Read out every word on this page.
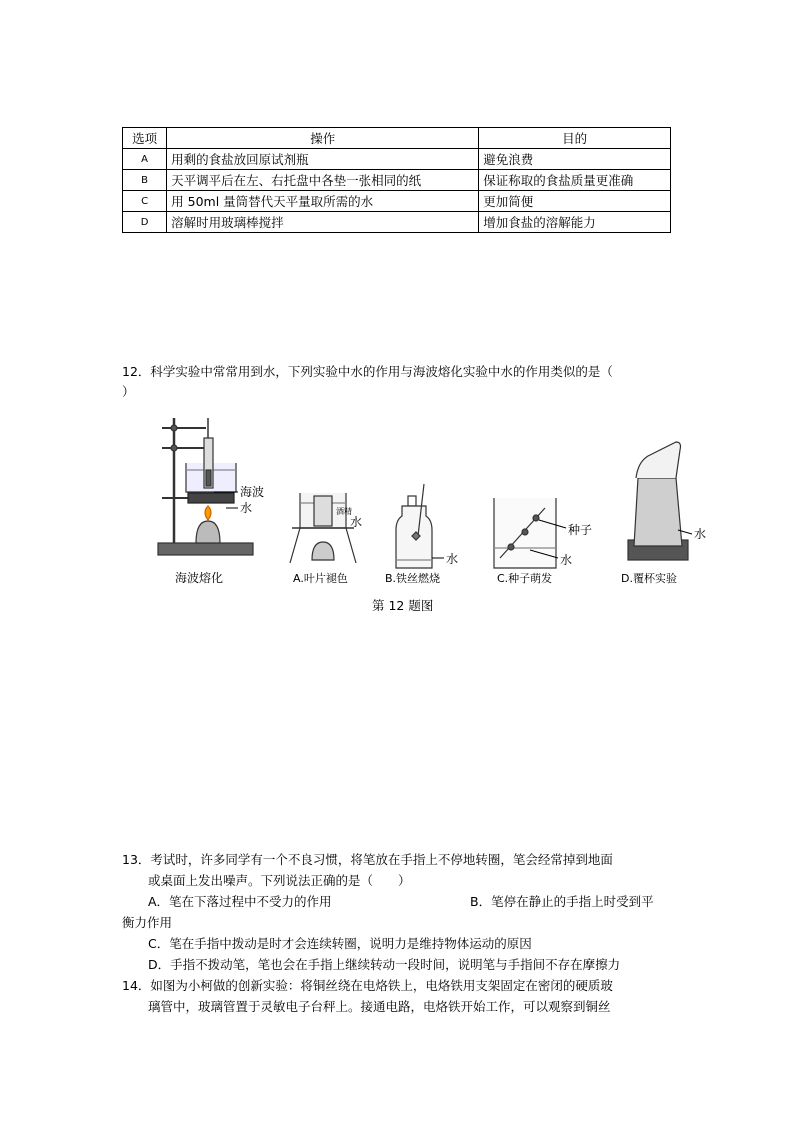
选项	操作	目的
A	用剩的食盐放回原试剂瓶	避免浪费
B	天平调平后在左、右托盘中各垫一张相同的纸	保证称取的食盐质量更准确
C	用 50ml 量筒替代天平量取所需的水	更加简便
D	溶解时用玻璃棒搅拌	增加食盐的溶解能力
12．科学实验中常常用到水，下列实验中水的作用与海波熔化实验中水的作用类似的是（
）
海波
水	酒精
水
水
种子
水
水
海波熔化	A.叶片褪色	B.铁丝燃烧	C.种子萌发	D.覆杯实验
第 12 题图
13．考试时，许多同学有一个不良习惯，将笔放在手指上不停地转圈，笔会经常掉到地面
或桌面上发出噪声。下列说法正确的是（　　）
A．笔在下落过程中不受力的作用	B．笔停在静止的手指上时受到平
衡力作用
C．笔在手指中拨动是时才会连续转圈，说明力是维持物体运动的原因
D．手指不拨动笔，笔也会在手指上继续转动一段时间，说明笔与手指间不存在摩擦力
14．如图为小柯做的创新实验：将铜丝绕在电烙铁上，电烙铁用支架固定在密闭的硬质玻
璃管中，玻璃管置于灵敏电子台秤上。接通电路，电烙铁开始工作，可以观察到铜丝
